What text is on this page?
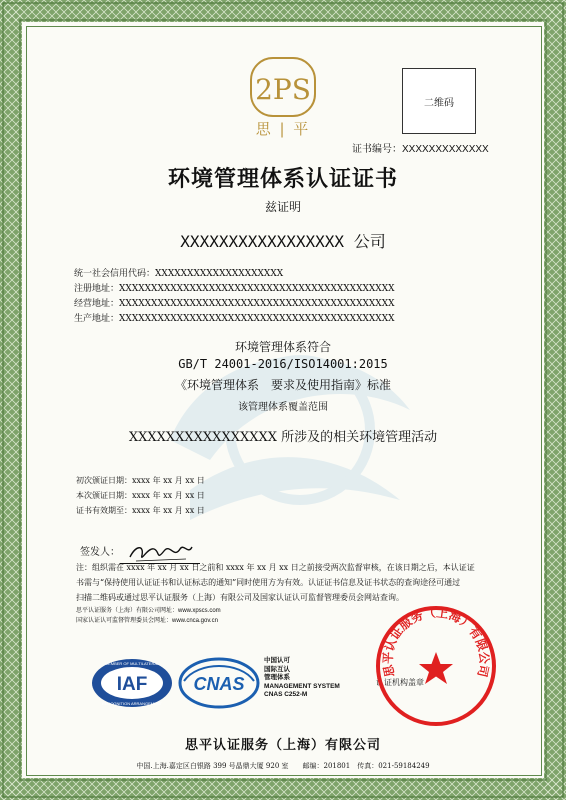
2PS
思 | 平
二维码
证书编号：XXXXXXXXXXXXX
环境管理体系认证证书
兹证明
XXXXXXXXXXXXXXXXX 公司
统一社会信用代码：XXXXXXXXXXXXXXXXXXXX
注册地址：XXXXXXXXXXXXXXXXXXXXXXXXXXXXXXXXXXXXXXXXXXX
经营地址：XXXXXXXXXXXXXXXXXXXXXXXXXXXXXXXXXXXXXXXXXXX
生产地址：XXXXXXXXXXXXXXXXXXXXXXXXXXXXXXXXXXXXXXXXXXX
环境管理体系符合
GB/T 24001-2016/ISO14001:2015
《环境管理体系　要求及使用指南》标准
该管理体系覆盖范围
XXXXXXXXXXXXXXXX 所涉及的相关环境管理活动
初次颁证日期：xxxx 年 xx 月 xx 日
本次颁证日期：xxxx 年 xx 月 xx 日
证书有效期至：xxxx 年 xx 月 xx 日
签发人：
注：组织需在 xxxx 年 xx 月 xx 日之前和 xxxx 年 xx 月 xx 日之前接受两次监督审核，在该日期之后，本认证证
书需与“保持使用认证证书和认证标志的通知”同时使用方为有效。认证证书信息及证书状态的查询途径可通过
扫描二维码或通过思平认证服务（上海）有限公司及国家认证认可监督管理委员会网站查询。
思平认证服务（上海）有限公司网址：www.xpscs.com
国家认证认可监督管理委员会网址：www.cnca.gov.cn
IAF
MEMBER OF MULTILATERAL
RECOGNITION ARRANGEMENT
CNAS
中国认可
国际互认
管理体系
MANAGEMENT SYSTEM
CNAS C252-M
认证机构盖章
思平认证服务（上海）有限公司
思平认证服务（上海）有限公司
中国.上海.嘉定区白银路 399 号晶鼎大厦 920 室　　邮编：201801　传真：021-59184249
